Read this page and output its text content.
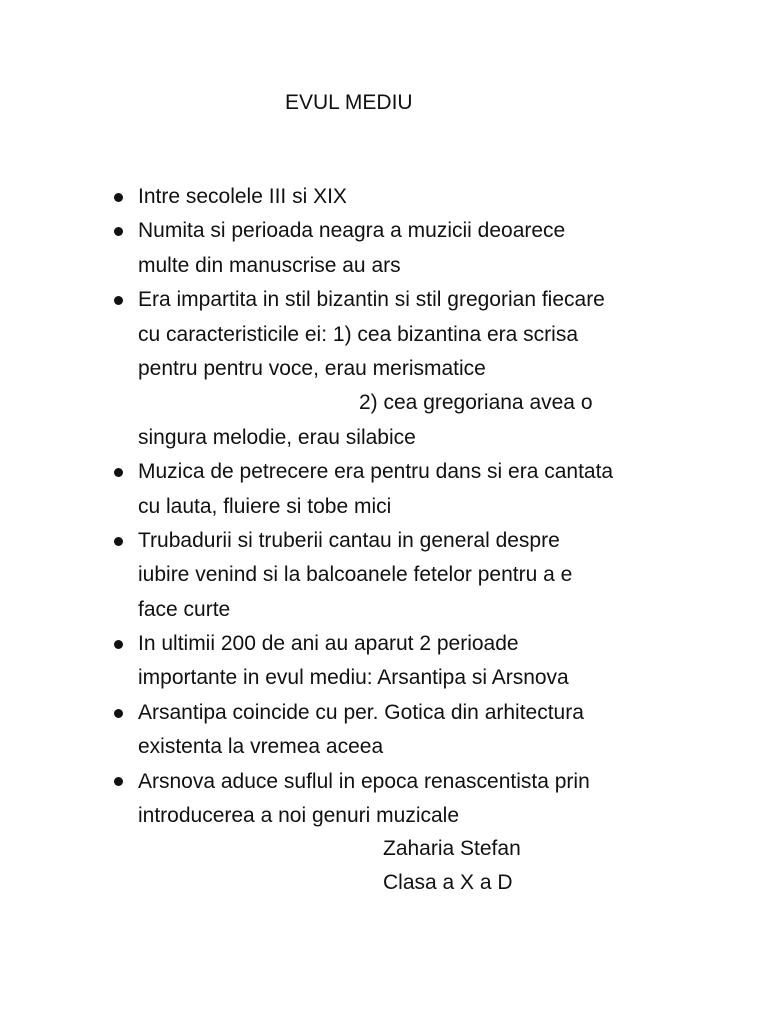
EVUL MEDIU
Intre secolele III si XIX
Numita si perioada neagra a muzicii deoarece
multe din manuscrise au ars
Era impartita in stil bizantin si stil gregorian fiecare
cu caracteristicile ei: 1) cea bizantina era scrisa
pentru pentru voce, erau merismatice
2) cea gregoriana avea o
singura melodie, erau silabice
Muzica de petrecere era pentru dans si era cantata
cu lauta, fluiere si tobe mici
Trubadurii si truberii cantau in general despre
iubire venind si la balcoanele fetelor pentru a e
face curte
In ultimii 200 de ani au aparut 2 perioade
importante in evul mediu: Arsantipa si Arsnova
Arsantipa coincide cu per. Gotica din arhitectura
existenta la vremea aceea
Arsnova aduce suflul in epoca renascentista prin
introducerea a noi genuri muzicale
Zaharia Stefan
Clasa a X a D
